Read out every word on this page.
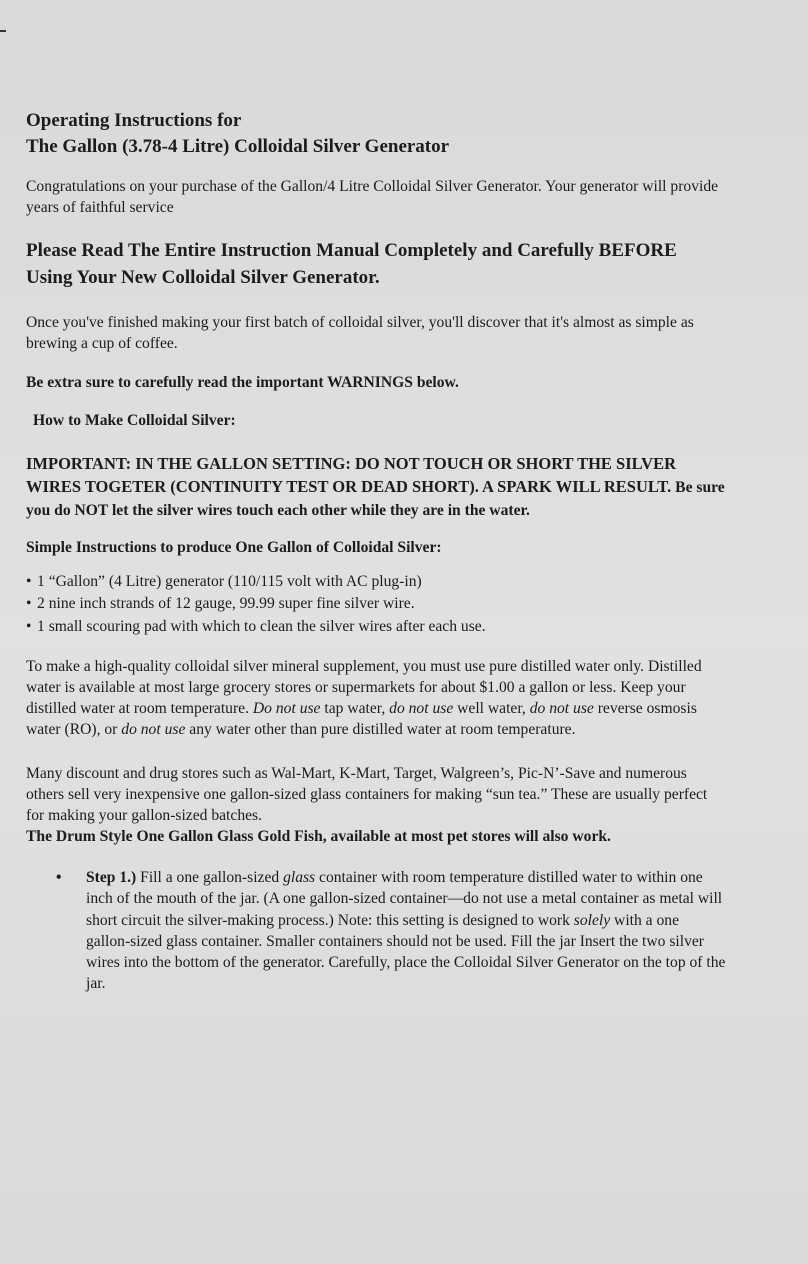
Operating Instructions for
The Gallon (3.78-4 Litre) Colloidal Silver Generator

Congratulations on your purchase of the Gallon/4 Litre Colloidal Silver Generator. Your generator will provide years of faithful service

Please Read The Entire Instruction Manual Completely and Carefully BEFORE Using Your New Colloidal Silver Generator.

Once you've finished making your first batch of colloidal silver, you'll discover that it's almost as simple as brewing a cup of coffee.

Be extra sure to carefully read the important WARNINGS below.

How to Make Colloidal Silver:

IMPORTANT: IN THE GALLON SETTING: DO NOT TOUCH OR SHORT THE SILVER WIRES TOGETER (CONTINUITY TEST OR DEAD SHORT). A SPARK WILL RESULT. Be sure you do NOT let the silver wires touch each other while they are in the water.

Simple Instructions to produce One Gallon of Colloidal Silver:

• 1 “Gallon” (4 Litre) generator (110/115 volt with AC plug-in)
• 2 nine inch strands of 12 gauge, 99.99 super fine silver wire.
• 1 small scouring pad with which to clean the silver wires after each use.

To make a high-quality colloidal silver mineral supplement, you must use pure distilled water only. Distilled water is available at most large grocery stores or supermarkets for about $1.00 a gallon or less. Keep your distilled water at room temperature. Do not use tap water, do not use well water, do not use reverse osmosis water (RO), or do not use any water other than pure distilled water at room temperature.

Many discount and drug stores such as Wal-Mart, K-Mart, Target, Walgreen’s, Pic-N’-Save and numerous others sell very inexpensive one gallon-sized glass containers for making “sun tea.” These are usually perfect for making your gallon-sized batches.

The Drum Style One Gallon Glass Gold Fish, available at most pet stores will also work.

• Step 1.) Fill a one gallon-sized glass container with room temperature distilled water to within one inch of the mouth of the jar. (A one gallon-sized container—do not use a metal container as metal will short circuit the silver-making process.) Note: this setting is designed to work solely with a one gallon-sized glass container. Smaller containers should not be used. Fill the jar Insert the two silver wires into the bottom of the generator. Carefully, place the Colloidal Silver Generator on the top of the jar.
